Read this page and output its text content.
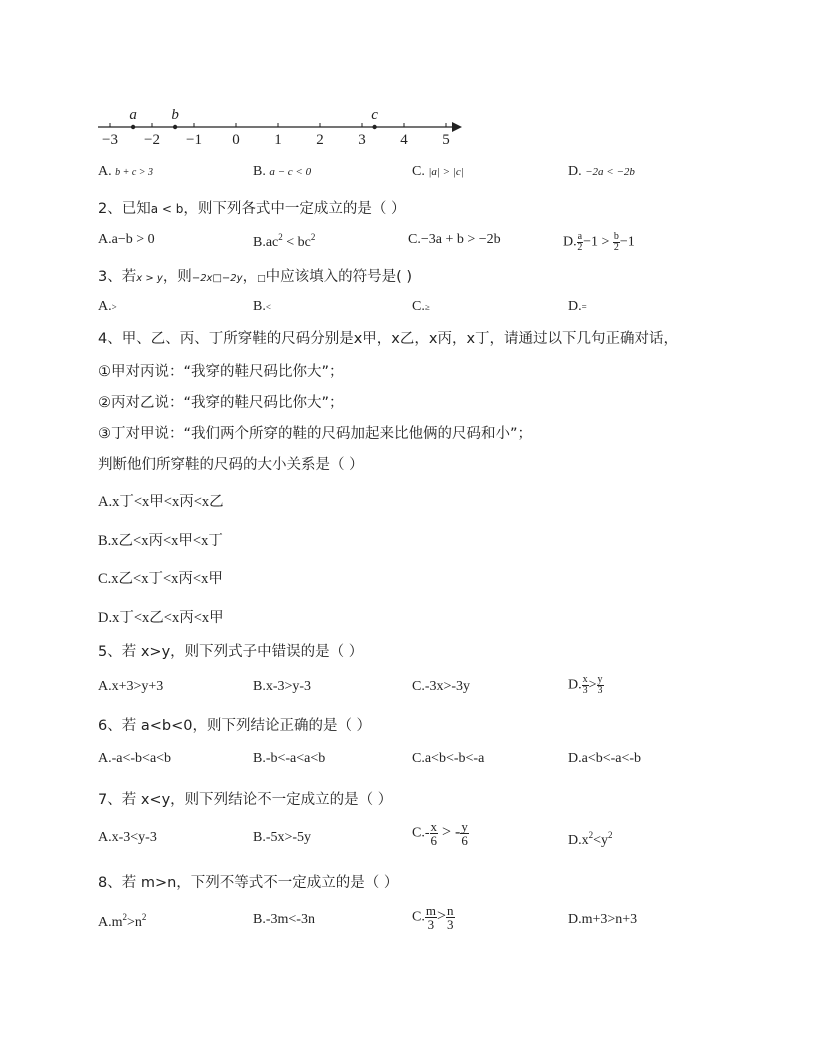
−3 −2 −1 0 1 2 3 4 5
a b	c
A. b + c > 3	B. a − c < 0	C. |a| > |c|	D. −2a < −2b
2、已知a < b，则下列各式中一定成立的是（ ）
A.a−b > 0	$B.ac^2 < bc^2$	C.−3a + b > −2b	D. $\frac{a}{2} -1 > \frac{b}{2} -1$
3、若x > y，则−2x□−2y，□中应该填入的符号是( )
A.>	B.<	C.≥	D.=
4、甲、乙、丙、丁所穿鞋的尺码分别是x甲，x乙，x丙，x丁，请通过以下几句正确对话，
①甲对丙说：“我穿的鞋尺码比你大”；
②丙对乙说：“我穿的鞋尺码比你大”；
③丁对甲说：“我们两个所穿的鞋的尺码加起来比他俩的尺码和小”；
判断他们所穿鞋的尺码的大小关系是（ ）
A.x丁<x甲<x丙<x乙
B.x乙<x丙<x甲<x丁
C.x乙<x丁<x丙<x甲
D.x丁<x乙<x丙<x甲
5、若 x>y，则下列式子中错误的是（ ）
A.x+3>y+3	B.x-3>y-3	C.-3x>-3y	D. $\frac{x}{3} > \frac{y}{3}$
6、若 a<b<0，则下列结论正确的是（ ）
A.-a<-b<a<b	B.-b<-a<a<b	C.a<b<-b<-a	D.a<b<-a<-b
7、若 x<y，则下列结论不一定成立的是（ ）
A.x-3<y-3	B.-5x>-5y	$C.- \frac{x}{6}$ > - $\frac{y}{6}$	$D.x^2<y^2$
8、若 m>n，下列不等式不一定成立的是（ ）
$A.m^2>n^2$	B.-3m<-3n	C. $\frac{m}{3} > \frac{n}{3}$	D.m+3>n+3
